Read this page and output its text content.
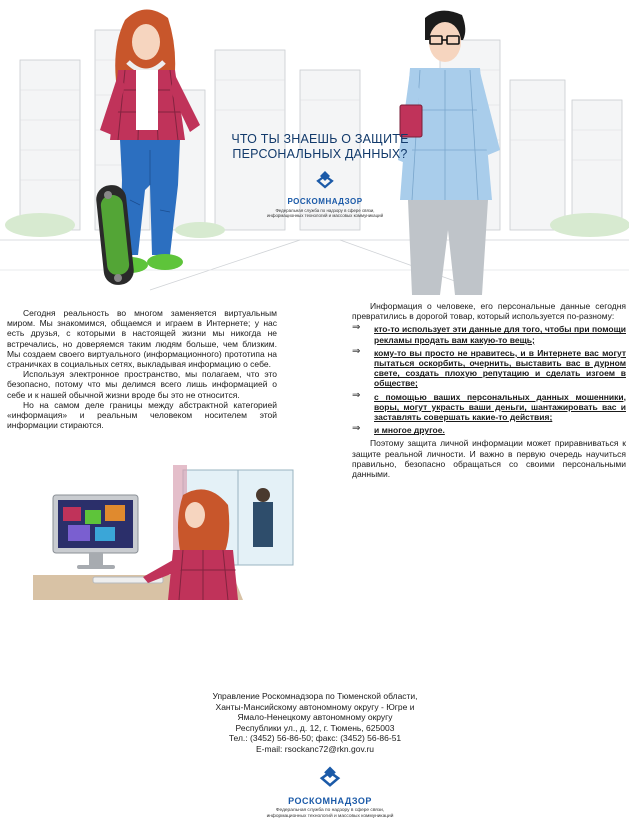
ЧТО ТЫ ЗНАЕШЬ О ЗАЩИТЕ
ПЕРСОНАЛЬНЫХ ДАННЫХ?
РОСКОМНАДЗОР
Федеральная служба по надзору в сфере связи,
информационных технологий и массовых коммуникаций

Сегодня реальность во многом заменяется виртуальным миром. Мы знакомимся, общаемся и играем в Интернете; у нас есть друзья, с которыми в настоящей жизни мы никогда не встречались, но доверяемся таким людям больше, чем близким. Мы создаем своего виртуального (информационного) прототипа на страничках в социальных сетях, выкладывая информацию о себе.

Используя электронное пространство, мы полагаем, что это безопасно, потому что мы делимся всего лишь информацией о себе и к нашей обычной жизни вроде бы это не относится.

Но на самом деле границы между абстрактной категорией «информация» и реальным человеком носителем этой информации стираются.

Информация о человеке, его персональные данные сегодня превратились в дорогой товар, который используется по-разному:

⇒ кто-то использует эти данные для того, чтобы при помощи рекламы продать вам какую-то вещь;
⇒ кому-то вы просто не нравитесь, и в Интернете вас могут пытаться оскорбить, очернить, выставить вас в дурном свете, создать плохую репутацию и сделать изгоем в обществе;
⇒ с помощью ваших персональных данных мошенники, воры, могут украсть ваши деньги, шантажировать вас и заставлять совершать какие-то действия;
⇒ и многое другое.

Поэтому защита личной информации может приравниваться к защите реальной личности. И важно в первую очередь научиться правильно, безопасно обращаться со своими персональными данными.

Управление Роскомнадзора по Тюменской области,
Ханты-Мансийскому автономному округу - Югре и
Ямало-Ненецкому автономному округу
Республики ул., д. 12, г. Тюмень, 625003
Тел.: (3452) 56-86-50; факс: (3452) 56-86-51
E-mail: rsockanc72@rkn.gov.ru
РОСКОМНАДЗОР
Федеральная служба по надзору в сфере связи,
информационных технологий и массовых коммуникаций
